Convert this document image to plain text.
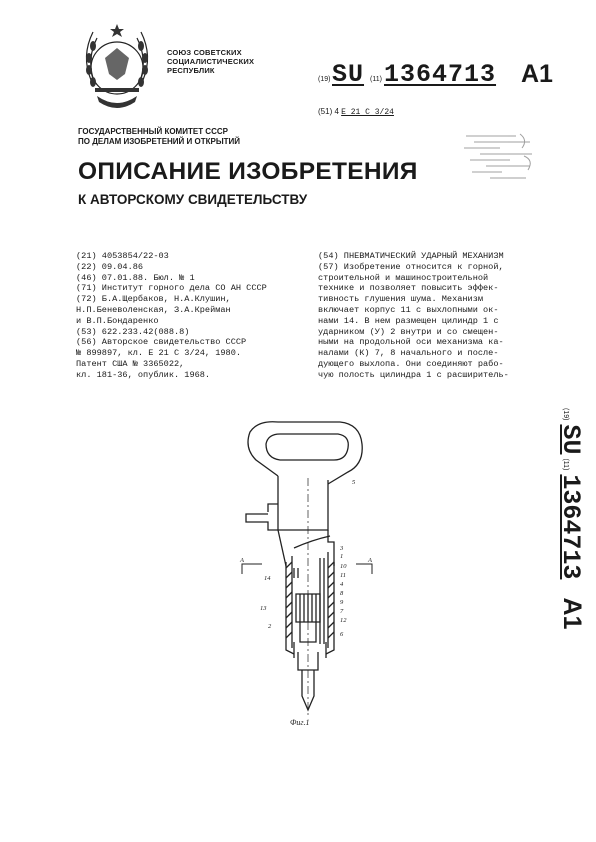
СОЮЗ СОВЕТСКИХ
СОЦИАЛИСТИЧЕСКИХ
РЕСПУБЛИК
(19) SU (11) 1364713 A1
(51) 4 E 21 C 3/24
ГОСУДАРСТВЕННЫЙ КОМИТЕТ СССР
ПО ДЕЛАМ ИЗОБРЕТЕНИЙ И ОТКРЫТИЙ
ОПИСАНИЕ ИЗОБРЕТЕНИЯ
К АВТОРСКОМУ СВИДЕТЕЛЬСТВУ
(21) 4053854/22-03
(22) 09.04.86
(46) 07.01.88. Бюл. № 1
(71) Институт горного дела СО АН СССР
(72) Б.А.Щербаков, Н.А.Клушин,
Н.П.Беневоленская, З.А.Крейман
и В.П.Бондаренко
(53) 622.233.42(088.8)
(56) Авторское свидетельство СССР
№ 899897, кл. Е 21 С 3/24, 1980.
Патент США № 3365022,
кл. 181-36, опублик. 1968.
(54) ПНЕВМАТИЧЕСКИЙ УДАРНЫЙ МЕХАНИЗМ
(57) Изобретение относится к горной,
строительной и машиностроительной
технике и позволяет повысить эффек-
тивность глушения шума. Механизм
включает корпус 11 с выхлопными ок-
нами 14. В нем размещен цилиндр 1 с
ударником (У) 2 внутри и со смещен-
ными на продольной оси механизма ка-
налами (К) 7, 8 начального и после-
дующего выхлопа. Они соединяют рабо-
чую полость цилиндра 1 с расширитель-
(19) SU (11) 1364713 A1
5
3
1
10
11
4
8
9
7
12
6
13
2
14
А	А
Фиг.1
